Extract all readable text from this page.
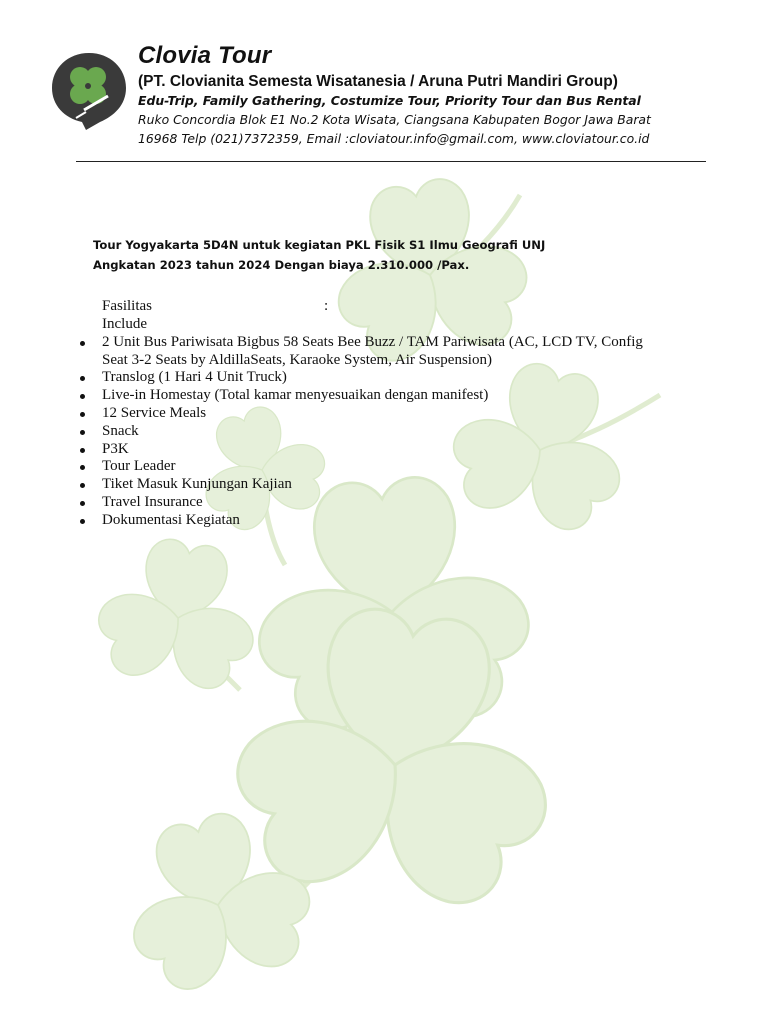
Clovia Tour
(PT. Clovianita Semesta Wisatanesia / Aruna Putri Mandiri Group)
Edu-Trip, Family Gathering, Costumize Tour, Priority Tour dan Bus Rental
Ruko Concordia Blok E1 No.2 Kota Wisata, Ciangsana Kabupaten Bogor Jawa Barat
16968 Telp (021)7372359, Email :cloviatour.info@gmail.com, www.cloviatour.co.id
Tour Yogyakarta 5D4N untuk kegiatan PKL Fisik S1 Ilmu Geografi UNJ
Angkatan 2023 tahun 2024 Dengan biaya 2.310.000 /Pax.
Fasilitas	:
Include
2 Unit Bus Pariwisata Bigbus 58 Seats Bee Buzz / TAM Pariwisata (AC, LCD TV, Config Seat 3-2 Seats by AldillaSeats, Karaoke System, Air Suspension)
Translog (1 Hari 4 Unit Truck)
Live-in Homestay (Total kamar menyesuaikan dengan manifest)
12 Service Meals
Snack
P3K
Tour Leader
Tiket Masuk Kunjungan Kajian
Travel Insurance
Dokumentasi Kegiatan
